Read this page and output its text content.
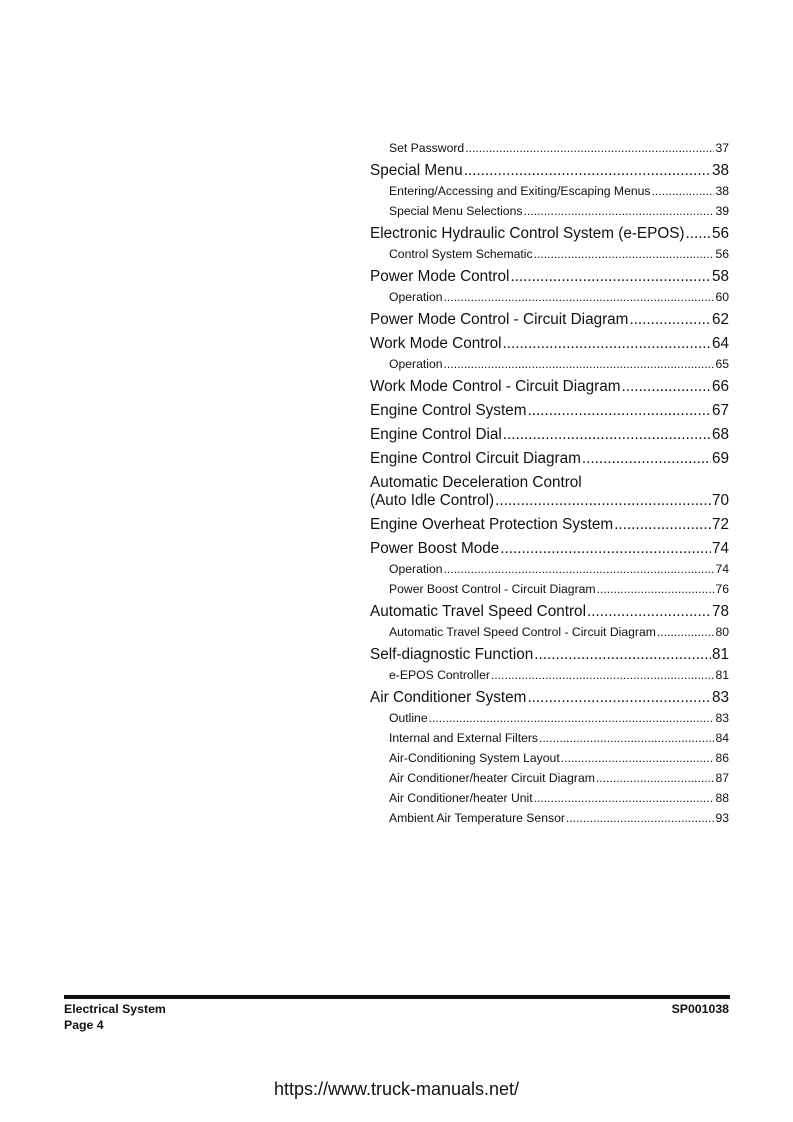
Set Password .....	37
Special Menu .....	38
Entering/Accessing and Exiting/Escaping Menus .....	38
Special Menu Selections .....	39
Electronic Hydraulic Control System (e-EPOS) ..... 56
Control System Schematic .....	56
Power Mode Control .....	58
Operation .....	60
Power Mode Control - Circuit Diagram .....	62
Work Mode Control .....	64
Operation .....	65
Work Mode Control - Circuit Diagram .....	66
Engine Control System .....	67
Engine Control Dial .....	68
Engine Control Circuit Diagram .....	69
Automatic Deceleration Control
(Auto Idle Control) .....	70
Engine Overheat Protection System .....	72
Power Boost Mode .....	74
Operation .....	74
Power Boost Control - Circuit Diagram .....	76
Automatic Travel Speed Control .....	78
Automatic Travel Speed Control - Circuit Diagram .....	80
Self-diagnostic Function .....	81
e-EPOS Controller .....	81
Air Conditioner System .....	83
Outline .....	83
Internal and External Filters .....	84
Air-Conditioning System Layout .....	86
Air Conditioner/heater Circuit Diagram .....	87
Air Conditioner/heater Unit .....	88
Ambient Air Temperature Sensor .....	93
Electrical System
Page 4
SP001038
https://www.truck-manuals.net/
